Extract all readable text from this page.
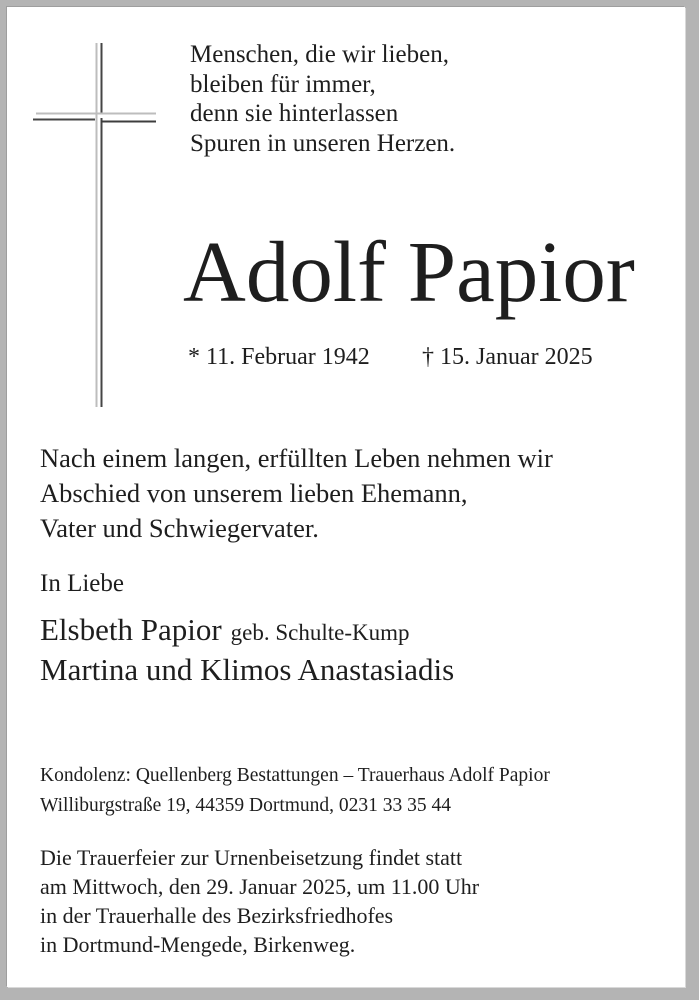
Menschen, die wir lieben,
bleiben für immer,
denn sie hinterlassen
Spuren in unseren Herzen.
Adolf Papior
* 11. Februar 1942 † 15. Januar 2025
Nach einem langen, erfüllten Leben nehmen wir
Abschied von unserem lieben Ehemann,
Vater und Schwiegervater.
In Liebe
Elsbeth Papior geb. Schulte-Kump
Martina und Klimos Anastasiadis
Kondolenz: Quellenberg Bestattungen – Trauerhaus Adolf Papior
Williburgstraße 19, 44359 Dortmund, 0231 33 35 44
Die Trauerfeier zur Urnenbeisetzung findet statt
am Mittwoch, den 29. Januar 2025, um 11.00 Uhr
in der Trauerhalle des Bezirksfriedhofes
in Dortmund-Mengede, Birkenweg.
